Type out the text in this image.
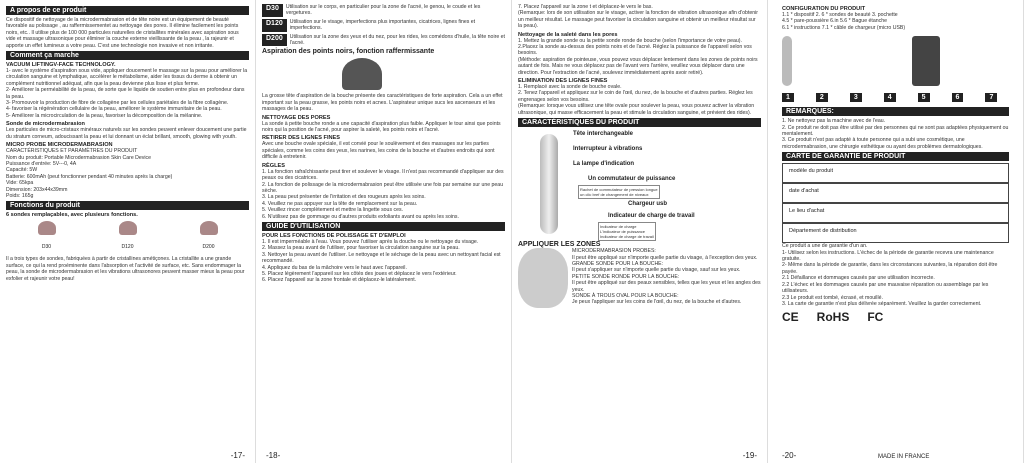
A propos de ce produit
Ce dispositif de nettoyage de la microdermabrasion et de tête noire est un équipement de beauté favorable au polissage , au raffermissementet au nettoyage des pores. Il élimine facilement les points noirs, etc.. Il utilise plus de 100 000 particules naturelles de cristallites minérales avec aspiration sous vide et massage ultrasonique pour éliminer la couche externe vieillissante de la peau , la rajeunir et apporte un effet lumineux a votre peau. C'est une technologie non invasive et non irritante.
Comment ça marche
VACUUM LIFTINGV-FACE TECHNOLOGY.
1- avec le système d'aspiration sous vide, appliquer doucement le massage sur la peau pour améliorer la circulation sanguine et lymphatique, accélérer le métabolisme, aider les tissus du derme à obtenir un complément nutritionnel adéquat, afin que la peau devienne plus lisse et plus ferme.
2- Améliorer la perméabilité de la peau, de sorte que le liquide de soutien entre plus en profondeur dans la peau.
3- Promouvoir la production de fibre de collagène par les cellules pariétales de la fibre collagène.
4- favoriser la régénération cellulaire de la peau, améliorer le système immunitaire de la peau.
5- Améliorer la microcirculation de la peau, favoriser la décomposition de la mélanine.
Sonde de microdermabrasion
Les particules de micro-cristaux minéraux naturels sur les sondes peuvent enlever doucement une partie du stratum corneum, adoucissant la peau et lui donnant un éclat brillant, smooth, glowing with youth.
MICRO PROBE MICRODERMABRASION
CARACTÉRISTIQUES ET PARAMÈTRES DU PRODUIT
Nom du produit: Portable Microdermabrasion Skin Care Device
Puissance d'entrée: 5V---0, 4A
Capacité: 5W
Batterie: 600mAh (peut fonctionner pendant 40 minutes après la charge)
Vide: 65kpa
Dimension: 203x44x39mm
Poids: 165g
Fonctions du produit
6 sondes remplaçables, avec plusieurs fonctions.
D30	D120	D200
Il a trois types de sondes, fabriquées à partir de cristallines amétiçones. La cristallite a une grande surface, ce qui la rend proéminente dans l'absorption et l'activité de surface, etc. Sans endommager la peau, la sonde de microdermabrasion et les vibrations ultrasonores peuvent masser mieux la peau pour exfolier et rajeunir votre peau!
-17-
D30	Utilisation sur le corps, en particulier pour la zone de l'acné, le genou, le coude et les vergetures.
D120	Utilisation sur le visage, imperfections plus importantes, cicatrices, lignes fines et imperfections.
D200	Utilisation sur la zone des yeux et du nez, pour les rides, les comédons d'huile, la tête noire et l'acné.
Aspiration des points noirs, fonction raffermissante
La grosse tête d'aspiration de la bouche présente des caractéristiques de forte aspiration. Cela a un effet important sur la peau grasse, les points noirs et acnes. L'aspirateur unique sucs les ascenseurs et les massages de la peau.
NETTOYAGE DES PORES
La sonde à petite bouche ronde a une capacité d'aspiration plus faible. Appliquer le tour ainsi que points noirs qui la position de l'acné, pour aspirer la saleté, les points noirs et l'acné.
RETIRER DES LIGNES FINES
Avec une bouche ovale spéciale, il est convié pour le soulèvement et des massages sur les parties spéciales, comme les coins des yeux, les narines, les coins de la bouche et d'autres endroits qui sont difficile à entretenir.
RÈGLES
1. La fonction rafraîchissante peut tirer et soulever le visage. Il n'est pas recommandé d'appliquer sur des peaux ou des cicatrices.
2. La fonction de polissage de la microdermabrasion peut être utilisée une fois par semaine sur une peau sèche.
3. La peau peut présenter de l'irritation et des rougeurs après les soins.
4. Veuillez ne pas appuyer sur la tête de remplacement sur la peau.
5. Veuillez rincer complètement et mettre la lingette sous ces.
6. N'utilisez pas de gommage ou d'autres produits exfoliants avant ou après les soins.
GUIDE D'UTILISATION
POUR LES FONCTIONS DE POLISSAGE ET D'EMPLOI
1. Il est imperméable à l'eau. Vous pouvez l'utiliser après la douche ou le nettoyage du visage.
2. Massez la peau avant de l'utiliser, pour favoriser la circulation sanguine sur la peau.
3. Nettoyer la peau avant de l'utiliser. Le nettoyage et le séchage de la peau avec un nettoyant facial est recommandé.
4. Appliquez du bas de la mâchoire vers le haut avec l'appareil.
5. Placez légèrement l'appareil sur les côtés des joues et déplacez le vers l'extérieur.
6. Placez l'appareil sur la zone frontale et déplacez-le latéralement.
-18-
7. Placez l'appareil sur la zone t et déplacez-le vers le bas.
(Remarque: lors de son utilisation sur le visage, activer la fonction de vibration ultrasonique afin d'obtenir un meilleur résultat. Le massage peut favoriser la circulation sanguine et obtenir un meilleur résultat sur la peau).
Nettoyage de la saleté dans les pores
1. Mettez la grande sonde ou la petite sonde ronde de bouche (selon l'importance de votre peau).
2.Placez la sonde au-dessus des points noirs et de l'acné. Réglez la puissance de l'appareil selon vos besoins.
(Méthode: aspiration de pointeuse, vous pouvez vous déplacer lentement dans les zones de points noirs autant de fois. Mais ne vous déplacez pas de l'avant vers l'arrière, veuillez vous déplacer dans une direction. Pour l'extraction de l'acné, soulevez immédiatement après avoir retiré).
ELIMINATION DES LIGNES FINES
1. Remplacé avec la sonde de bouche ovale.
2. Tenez l'appareil et appliquez sur le coin de l'œil, du nez, de la bouche et d'autres parties. Réglez les engrenages selon vos besoins.
(Remarque: lorsque vous utilisez une tête ovale pour soulever la peau, vous pouvez activer la vibration ultrasonique, qui masse efficacement la peau et stimule la circulation sanguine, et prévient des rides).
CARACTÉRISTIQUES DU PRODUIT
Tête interchangeable
Interrupteur à vibrations
La lampe d'indication
Un commutateur de puissance
Rachet de commutateur de pression longue
un clic bref de changement de niveaux
Chargeur usb
Indicateur de charge de travail
Indicateur de charge
L'indicateur de puissance
Indicateur de charge de travail
APPLIQUER LES ZONES
MICRODERMABRASION PROBES:
Il peut être appliqué sur n'importe quelle partie du visage, à l'exception des yeux.
GRANDE SONDE POUR LA BOUCHE:
Il peut s'appliquer sur n'importe quelle partie du visage, sauf sur les yeux.
PETITE SONDE RONDE POUR LA BOUCHE:
Il peut être appliqué sur des peaux sensibles, telles que les yeux et les angles des yeux.
SONDE À TROUS OVAL POUR LA BOUCHE:
Je peux l'appliquer sur les coins de l'œil, du nez, de la bouche et d'autres.
-19-
CONFIGURATION DU PRODUIT
1.1 * dispositif 2. 6 * sondes de beauté 3. pochette
4.5 * pare-poussière 6.in 5.6 * Bague étanche
6.1 * instructions 7.1 * câble de chargeur (micro USB)
1	2	3	4	5	6	7
REMARQUES:
1. Ne nettoyez pas la machine avec de l'eau.
2. Ce produit ne doit pas être utilisé par des personnes qui ne sont pas adaptées physiquement ou mentalement.
3. Ce produit n'est pas adapté à toute personne qui a subi une cosmétique, une microdermabrasion, une chirurgie esthétique ou ayant des problèmes dermatologiques.
CARTE DE GARANTIE DE PRODUIT
modèle du produit
date d'achat
Le lieu d'achat
Département de distribution
Ce produit a une de garantie d'un an.
1- Utilisez selon les instructions. L'échec de la période de garantie recevra une maintenance gratuite.
2- Même dans la période de garantie, dans les circonstances suivantes, la réparation doit être payée.
2.1 Défaillance et dommages causés par une utilisation incorrecte.
2.2 L'échec et les dommages causés par une mauvaise réparation ou assemblage par les utilisateurs.
2.3 Le produit est tombé, écrasé, et mouillé.
3. La carte de garantie n'est plus délivrée séparément. Veuillez la garder correctement.
CE RoHS FC
-20-	MADE IN FRANCE
